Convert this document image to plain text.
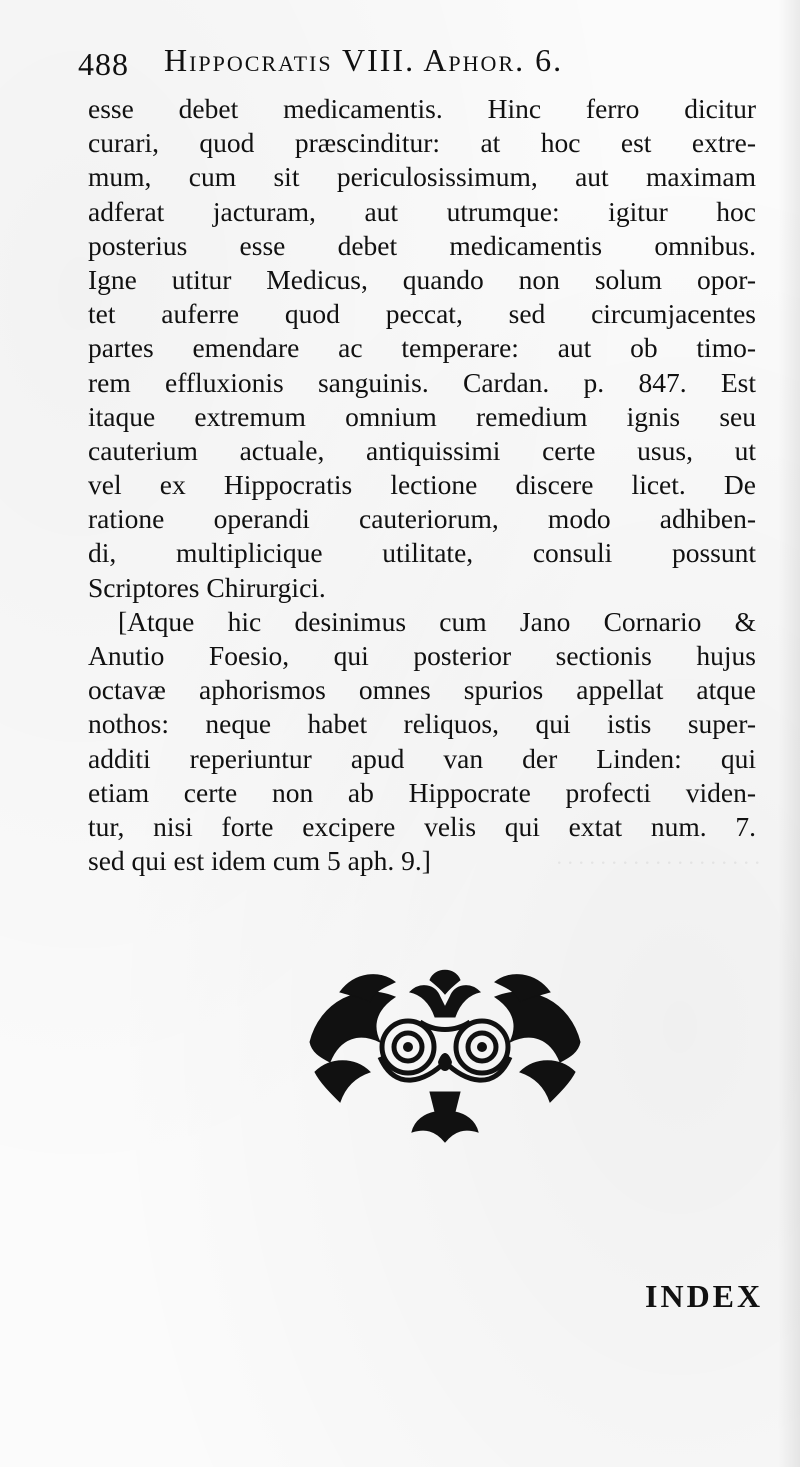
. . . . . . . . . . . . . . . . . . .
488 Hippocratis VIII. Aphor. 6.
esse debet medicamentis. Hinc ferro dicitur
curari, quod præscinditur: at hoc est extre-
mum, cum sit periculosissimum, aut maximam
adferat jacturam, aut utrumque: igitur hoc
posterius esse debet medicamentis omnibus.
Igne utitur Medicus, quando non solum opor-
tet auferre quod peccat, sed circumjacentes
partes emendare ac temperare: aut ob timo-
rem effluxionis sanguinis. Cardan. p. 847. Est
itaque extremum omnium remedium ignis seu
cauterium actuale, antiquissimi certe usus, ut
vel ex Hippocratis lectione discere licet. De
ratione operandi cauteriorum, modo adhiben-
di, multiplicique utilitate, consuli possunt
Scriptores Chirurgici.
[Atque hic desinimus cum Jano Cornario &
Anutio Foesio, qui posterior sectionis hujus
octavæ aphorismos omnes spurios appellat atque
nothos: neque habet reliquos, qui istis super-
additi reperiuntur apud van der Linden: qui
etiam certe non ab Hippocrate profecti viden-
tur, nisi forte excipere velis qui extat num. 7.
sed qui est idem cum 5 aph. 9.]
INDEX
